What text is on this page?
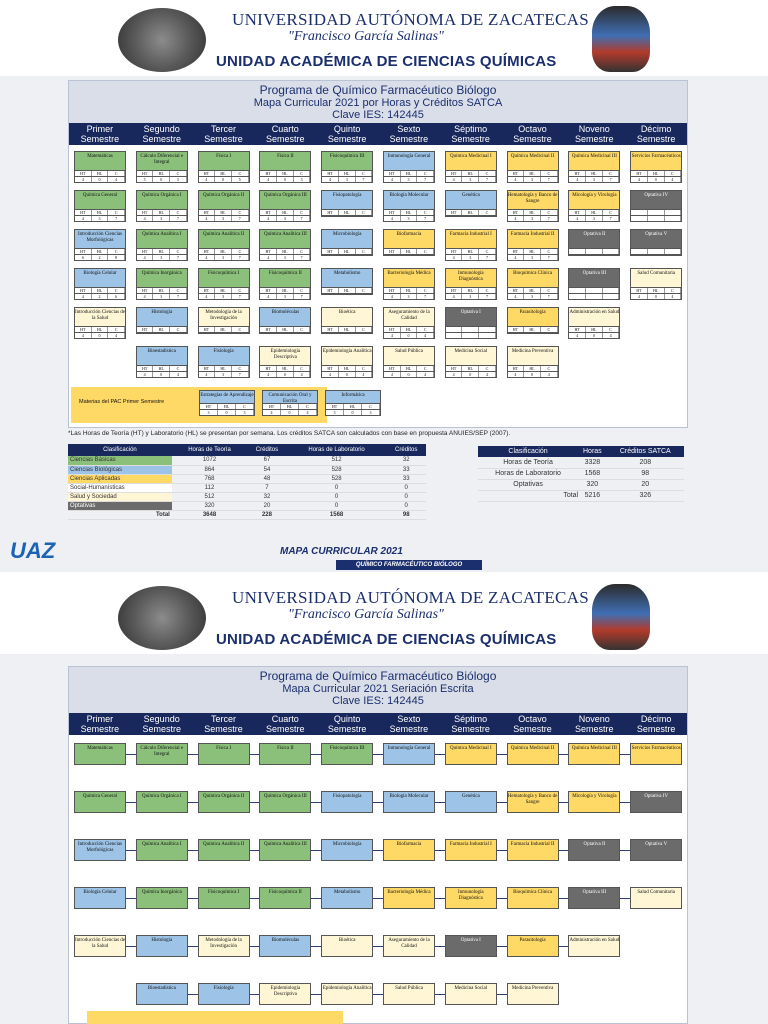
UNIVERSIDAD AUTÓNOMA DE ZACATECAS
"Francisco García Salinas"
UNIDAD ACADÉMICA DE CIENCIAS QUÍMICAS
Programa de Químico Farmacéutico Biólogo
Mapa Curricular 2021 por Horas y Créditos SATCA
Clave IES: 142445
Primer
Semestre
Segundo
Semestre
Tercer
Semestre
Cuarto
Semestre
Quinto
Semestre
Sexto
Semestre
Séptimo
Semestre
Octavo
Semestre
Noveno
Semestre
Décimo
Semestre
Matemáticas
HT	HL	C
4	0	4
Cálculo Diferencial e Integral
HT	HL	C
5	0	5
Física I
HT	HL	C
4	0	5
Física II
HT	HL	C
4	0	5
Fisicoquímica III
HT	HL	C
4	3	7
Inmunología General
HT	HL	C
4	3	7
Química Medicinal I
HT	HL	C
4	3	7
Química Medicinal II
HT	HL	C
4	3	7
Química Medicinal III
HT	HL	C
4	3	7
Servicios Farmacéuticos
HT	HL	C
4	0	4
Química General
HT	HL	C
4	3	7
Química Orgánica I
HT	HL	C
4	3	7
Química Orgánica II
HT	HL	C
4	3	7
Química Orgánica III
HT	HL	C
4	3	7
Fisiopatología
HT	HL	C
Biología Molecular
HT	HL	C
4	3	7
Genética
HT	HL	C
Hematología y Banco de Sangre
HT	HL	C
4	3	7
Micología y Virología
HT	HL	C
4	3	7
Optativa IV
HT	HL	C
4	0	4
Introducción Ciencias Morfológicas
HT	HL	C
6	2	8
Química Analítica I
HT	HL	C
4	3	7
Química Analítica II
HT	HL	C
4	3	7
Química Analítica III
HT	HL	C
4	3	7
Microbiología
HT	HL	C
Biofarmacia
HT	HL	C
Farmacia Industrial I
HT	HL	C
4	3	7
Farmacia Industrial II
HT	HL	C
4	3	7
Optativa II
HT	HL	C
Optativa V
HT	HL	C
Biología Celular
HT	HL	C
4	2	6
Química Inorgánica
HT	HL	C
4	3	7
Fisicoquímica I
HT	HL	C
4	3	7
Fisicoquímica II
HT	HL	C
4	3	7
Metabolismo
HT	HL	C
Bacteriología Médica
HT	HL	C
4	3	7
Inmunología Diagnóstica
HT	HL	C
4	3	7
Bioquímica Clínica
HT	HL	C
4	3	7
Optativa III
HT	HL	C
4	0	4
Salud Comunitaria
HT	HL	C
4	0	4
Introducción Ciencias de la Salud
HT	HL	C
4	0	4
Histología
HT	HL	C
Metodología de la Investigación
HT	HL	C
Biomoléculas
HT	HL	C
Bioética
HT	HL	C
Aseguramiento de la Calidad
HT	HL	C
4	0	4
Optativa I
HT	HL	C
4	0	4
Parasitología
HT	HL	C
Administración en Salud
HT	HL	C
4	0	4
Bioestadística
HT	HL	C
4	0	4
Fisiología
HT	HL	C
4	3	7
Epidemiología Descriptiva
HT	HL	C
4	0	4
Epidemiología Analítica
HT	HL	C
4	0	4
Salud Pública
HT	HL	C
4	0	4
Medicina Social
HT	HL	C
4	0	4
Medicina Preventiva
HT	HL	C
4	0	4
Materias del PAC Primer Semestre
Estrategias de Aprendizaje
HT	HL	C
3	0	3
Comunicación Oral y Escrita
HT	HL	C
4	0	4
Informática
HT	HL	C
3	0	3
*Las Horas de Teoría (HT) y Laboratorio (HL) se presentan por semana. Los créditos SATCA son calculados con base en propuesta ANUIES/SEP (2007).
Clasificación	Horas de Teoría	Créditos	Horas de Laboratorio	Créditos
Ciencias Básicas	1072	67	512	32
Ciencias Biológicas	864	54	528	33
Ciencias Aplicadas	768	48	528	33
Social-Humanísticas	112	7	0	0
Salud y Sociedad	512	32	0	0
Optativas	320	20	0	0
Total	3648	228	1568	98
Clasificación	Horas	Créditos SATCA
Horas de Teoría	3328	208
Horas de Laboratorio	1568	98
Optativas	320	20
Total	5216	326
UAZ	MAPA CURRICULAR 2021
QUÍMICO FARMACÉUTICO BIÓLOGO
UNIVERSIDAD AUTÓNOMA DE ZACATECAS
"Francisco García Salinas"
UNIDAD ACADÉMICA DE CIENCIAS QUÍMICAS
Programa de Químico Farmacéutico Biólogo
Mapa Curricular 2021 Seriación Escrita
Clave IES: 142445
Primer
Semestre
Segundo
Semestre
Tercer
Semestre
Cuarto
Semestre
Quinto
Semestre
Sexto
Semestre
Séptimo
Semestre
Octavo
Semestre
Noveno
Semestre
Décimo
Semestre
Matemáticas	Cálculo Diferencial e Integral
Física I	Física II	Fisicoquímica III	Inmunología General	Química Medicinal I	Química Medicinal II	Química Medicinal III	Servicios Farmacéuticos
Química General	Química Orgánica I	Química Orgánica II	Química Orgánica III	Fisiopatología	Biología Molecular	Genética	Hematología y Banco de Sangre
Micología y Virología	Optativa IV
Introducción Ciencias Morfológicas
Química Analítica I	Química Analítica II	Química Analítica III	Microbiología	Biofarmacia	Farmacia Industrial I	Farmacia Industrial II	Optativa II	Optativa V
Biología Celular	Química Inorgánica	Fisicoquímica I	Fisicoquímica II	Metabolismo	Bacteriología Médica	Inmunología Diagnóstica
Bioquímica Clínica	Optativa III	Salud Comunitaria
Introducción Ciencias de la Salud
Histología	Metodología de la Investigación
Biomoléculas	Bioética	Aseguramiento de la Calidad
Optativa I	Parasitología	Administración en Salud
Bioestadística	Fisiología	Epidemiología Descriptiva
Epidemiología Analítica	Salud Pública	Medicina Social	Medicina Preventiva
